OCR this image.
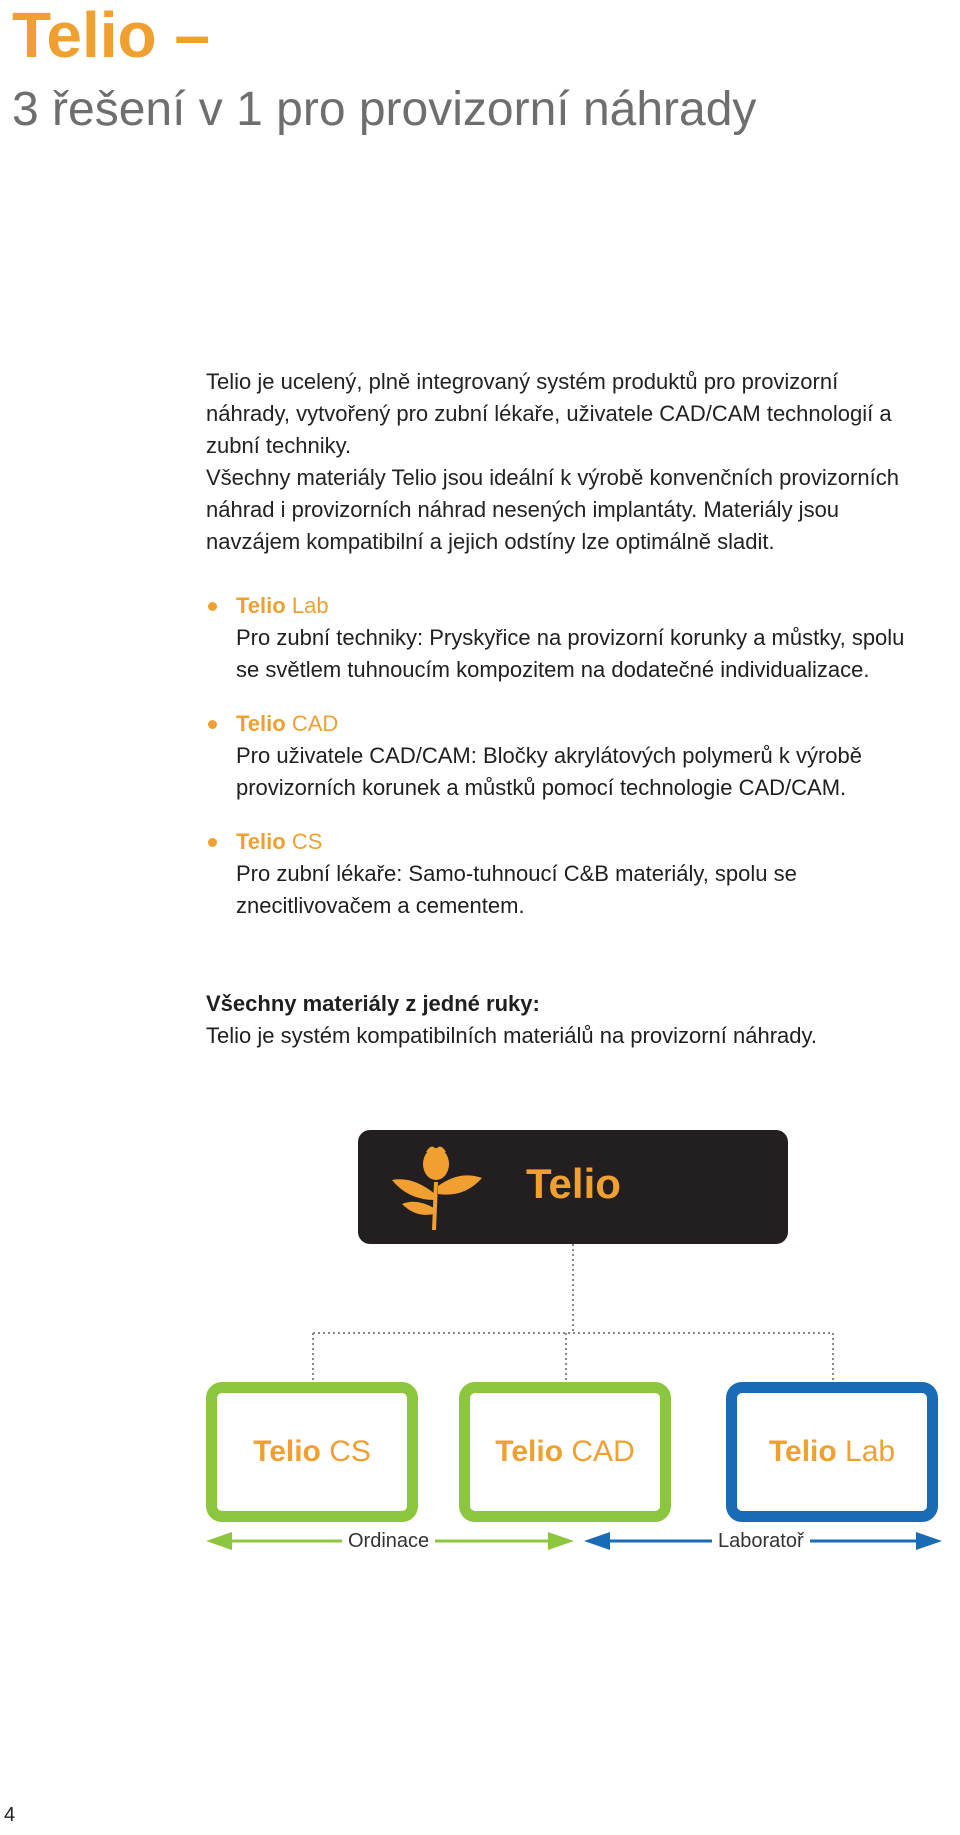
Telio –
3 řešení v 1 pro provizorní náhrady

Telio je ucelený, plně integrovaný systém produktů pro provizorní náhrady, vytvořený pro zubní lékaře, uživatele CAD/CAM technologií a zubní techniky.

Všechny materiály Telio jsou ideální k výrobě konvenčních provizorních náhrad i provizorních náhrad nesených implantáty. Materiály jsou navzájem kompatibilní a jejich odstíny lze optimálně sladit.

Telio Lab
Pro zubní techniky: Pryskyřice na provizorní korunky a můstky, spolu se světlem tuhnoucím kompozitem na dodatečné individualizace.
Telio CAD
Pro uživatele CAD/CAM: Bločky akrylátových polymerů k výrobě provizorních korunek a můstků pomocí technologie CAD/CAM.
Telio CS
Pro zubní lékaře: Samo-tuhnoucí C&B materiály, spolu se znecitlivovačem a cementem.
Všechny materiály z jedné ruky:
Telio je systém kompatibilních materiálů na provizorní náhrady.
Telio
Telio
CS	Telio
CAD	Telio
Lab
Ordinace	Laboratoř
4
